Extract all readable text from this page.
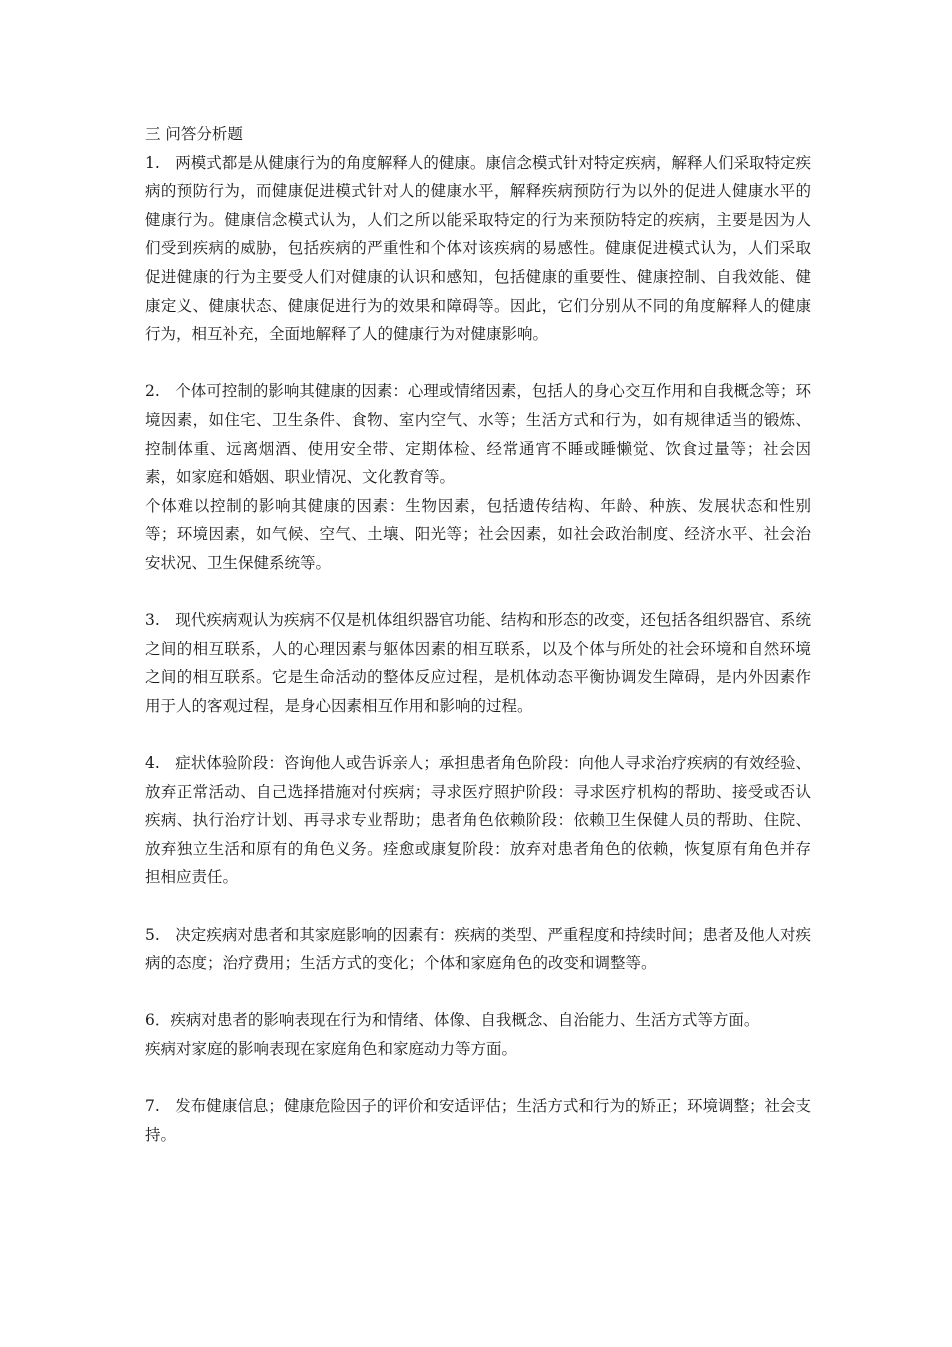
三 问答分析题

1.　两模式都是从健康行为的角度解释人的健康。康信念模式针对特定疾病，解释人们采取特定疾病的预防行为，而健康促进模式针对人的健康水平，解释疾病预防行为以外的促进人健康水平的健康行为。健康信念模式认为，人们之所以能采取特定的行为来预防特定的疾病，主要是因为人们受到疾病的威胁，包括疾病的严重性和个体对该疾病的易感性。健康促进模式认为，人们采取促进健康的行为主要受人们对健康的认识和感知，包括健康的重要性、健康控制、自我效能、健康定义、健康状态、健康促进行为的效果和障碍等。因此，它们分别从不同的角度解释人的健康行为，相互补充，全面地解释了人的健康行为对健康影响。

2.　个体可控制的影响其健康的因素：心理或情绪因素，包括人的身心交互作用和自我概念等；环境因素，如住宅、卫生条件、食物、室内空气、水等；生活方式和行为，如有规律适当的锻炼、控制体重、远离烟酒、使用安全带、定期体检、经常通宵不睡或睡懒觉、饮食过量等；社会因素，如家庭和婚姻、职业情况、文化教育等。

个体难以控制的影响其健康的因素：生物因素，包括遗传结构、年龄、种族、发展状态和性别等；环境因素，如气候、空气、土壤、阳光等；社会因素，如社会政治制度、经济水平、社会治安状况、卫生保健系统等。

3.　现代疾病观认为疾病不仅是机体组织器官功能、结构和形态的改变，还包括各组织器官、系统之间的相互联系，人的心理因素与躯体因素的相互联系，以及个体与所处的社会环境和自然环境之间的相互联系。它是生命活动的整体反应过程，是机体动态平衡协调发生障碍，是内外因素作用于人的客观过程，是身心因素相互作用和影响的过程。

4.　症状体验阶段：咨询他人或告诉亲人；承担患者角色阶段：向他人寻求治疗疾病的有效经验、放弃正常活动、自己选择措施对付疾病；寻求医疗照护阶段：寻求医疗机构的帮助、接受或否认疾病、执行治疗计划、再寻求专业帮助；患者角色依赖阶段：依赖卫生保健人员的帮助、住院、放弃独立生活和原有的角色义务。痊愈或康复阶段：放弃对患者角色的依赖，恢复原有角色并存担相应责任。

5.　决定疾病对患者和其家庭影响的因素有：疾病的类型、严重程度和持续时间；患者及他人对疾病的态度；治疗费用；生活方式的变化；个体和家庭角色的改变和调整等。

6．疾病对患者的影响表现在行为和情绪、体像、自我概念、自治能力、生活方式等方面。

疾病对家庭的影响表现在家庭角色和家庭动力等方面。

7.　发布健康信息；健康危险因子的评价和安适评估；生活方式和行为的矫正；环境调整；社会支持。
